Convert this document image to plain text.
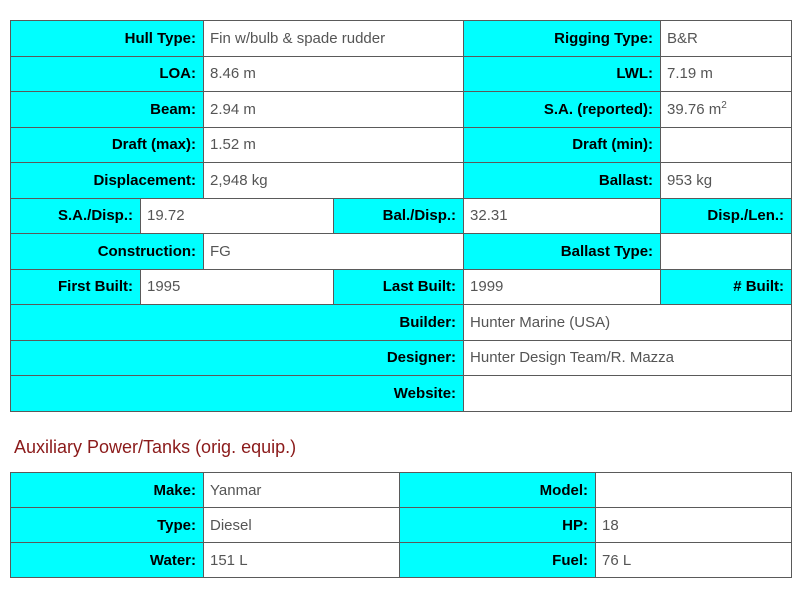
Hull Type:		Fin w/bulb & spade rudder		Rigging Type:	B&R	
LOA:		8.46 m		LWL:	7.19 m	
Beam:		2.94 m		S.A. (reported):	39.76 $m^2$
Draft (max):		1.52 m		Draft (min):		
Displacement:		2,948 kg		Ballast:	953 kg	
S.A./Disp.:	19.72		Bal./Disp.:	32.31	Disp./Len.:	
Construction:		FG		Ballast Type:		
First Built:	1995		Last Built:	1999	# Built:	
Builder:				Hunter Marine (USA)		
Designer:				Hunter Design Team/R. Mazza		
Website:						
Auxiliary Power/Tanks (orig. equip.)
Make:	Yanmar	Model:	
Type:	Diesel	HP:	18
Water:	151 L	Fuel:	76 L
